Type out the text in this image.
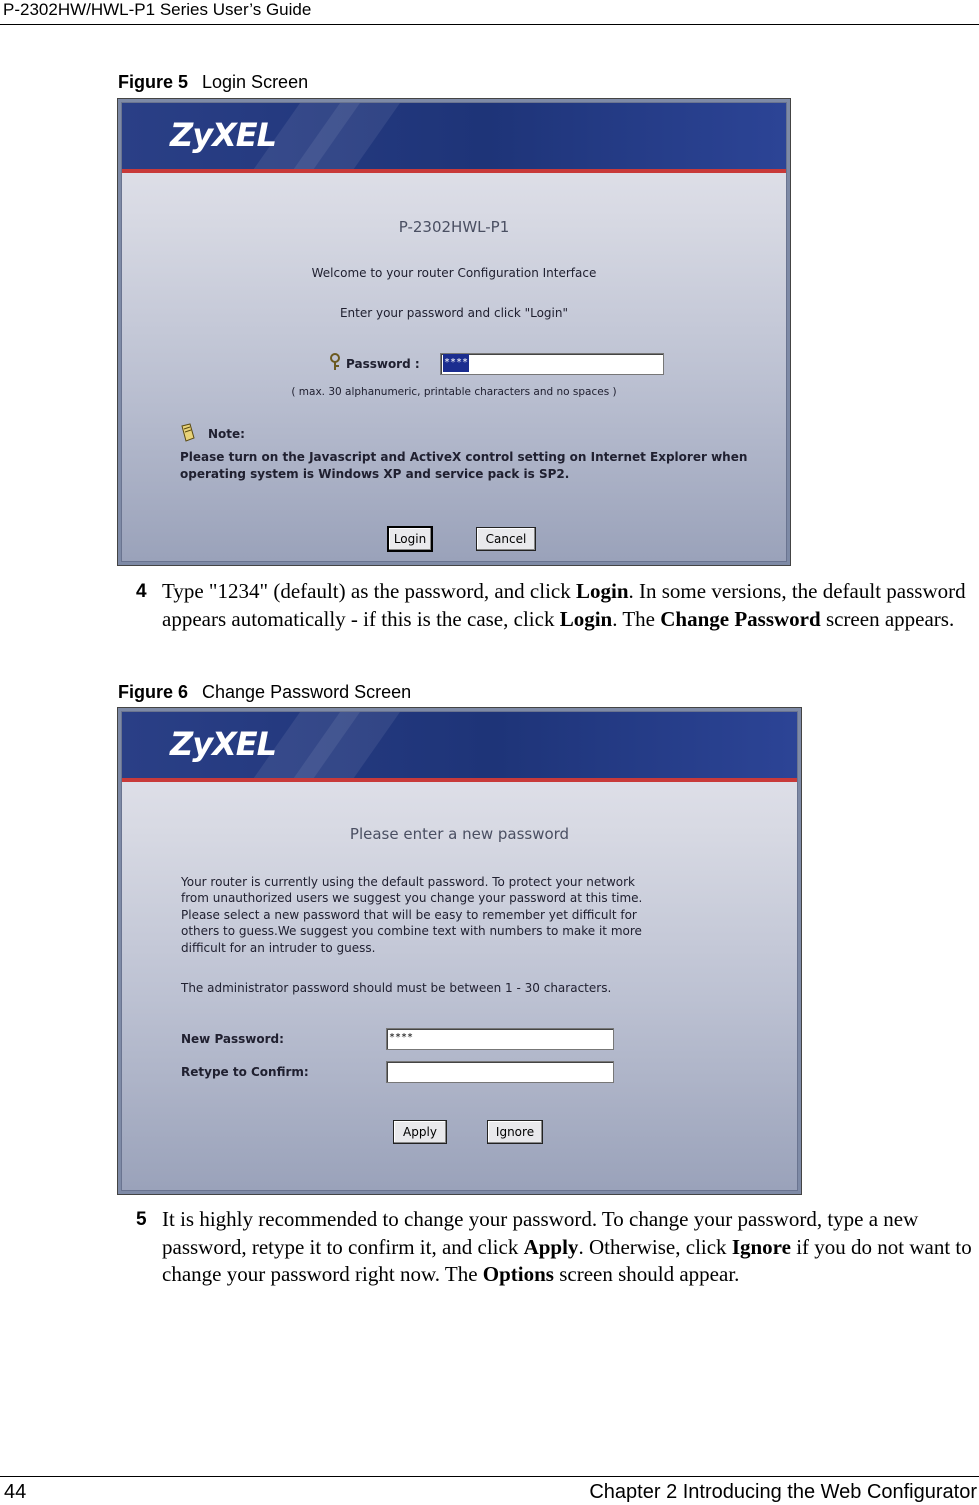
P-2302HW/HWL-P1 Series User’s Guide
Figure 5 Login Screen
ZyXEL
P-2302HWL-P1
Welcome to your router Configuration Interface
Enter your password and click "Login"
Password :	****
( max. 30 alphanumeric, printable characters and no spaces )
Note:
Please turn on the Javascript and ActiveX control setting on Internet Explorer when operating system is Windows XP and service pack is SP2.
Login	Cancel
4 Type "1234" (default) as the password, and click Login. In some versions, the default password appears automatically - if this is the case, click Login. The Change Password screen appears.
Figure 6 Change Password Screen
ZyXEL
Please enter a new password
Your router is currently using the default password. To protect your network
from unauthorized users we suggest you change your password at this time.
Please select a new password that will be easy to remember yet difficult for
others to guess.We suggest you combine text with numbers to make it more
difficult for an intruder to guess.
The administrator password should must be between 1 - 30 characters.
New Password:	****
Retype to Confirm:
Apply	Ignore
5 It is highly recommended to change your password. To change your password, type a new password, retype it to confirm it, and click Apply. Otherwise, click Ignore if you do not want to change your password right now. The Options screen should appear.
44	Chapter 2 Introducing the Web Configurator
